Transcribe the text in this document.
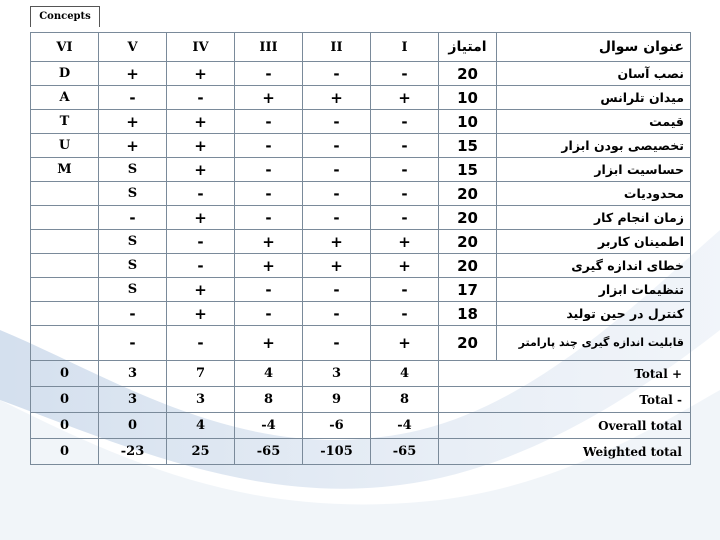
Concepts
VI	V	IV	III	II	I	امتیاز	عنوان سوال
D	+	+	-	-	-	20	نصب آسان
A	-	-	+	+	+	10	میدان تلرانس
T	+	+	-	-	-	10	قیمت
U	+	+	-	-	-	15	تخصیصی بودن ابزار
M	S	+	-	-	-	15	حساسیت ابزار
	S	-	-	-	-	20	محدودیات
	-	+	-	-	-	20	زمان انجام کار
	S	-	+	+	+	20	اطمینان کاربر
	S	-	+	+	+	20	خطای اندازه گیری
	S	+	-	-	-	17	تنظیمات ابزار
	-	+	-	-	-	18	کنترل در حین تولید
	-	-	+	-	+	20	قابلیت اندازه گیری چند پارامتر
0	3	7	4	3	4	Total +	
0	3	3	8	9	8	Total -	
0	0	4	-4	-6	-4	Overall total	
0	-23	25	-65	-105	-65	Weighted total	
